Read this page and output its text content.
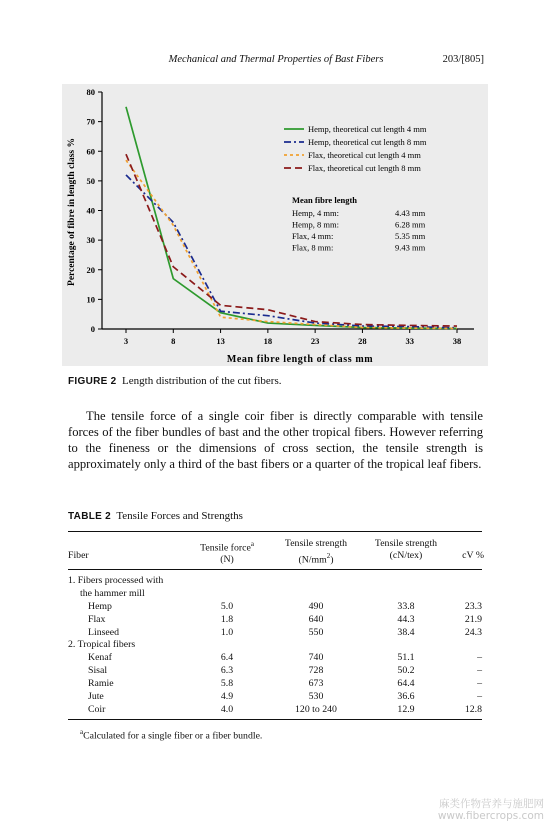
Mechanical and Thermal Properties of Bast Fibers	203/[805]
0
10
20
30
40
50
60
70
80
3	8	13	18	23	28	33	38
Mean fibre length of class mm
Percentage of fibre in length class %
Hemp, theoretical cut length 4 mm
Hemp, theoretical cut length 8 mm
Flax, theoretical cut length 4 mm
Flax, theoretical cut length 8 mm
Mean fibre length
Hemp, 4 mm:	4.43 mm
Hemp, 8 mm:	6.28 mm
Flax, 4 mm:	5.35 mm
Flax, 8 mm:	9.43 mm
FIGURE 2 Length distribution of the cut fibers.
The tensile force of a single coir fiber is directly comparable with tensile forces of the fiber bundles of bast and the other tropical fibers. However referring to the fineness or the dimensions of cross section, the tensile strength is approximately only a third of the bast fibers or a quarter of the tropical leaf fibers.
TABLE 2 Tensile Forces and Strengths
Fiber
Tensile force$^a$
(N)
Tensile strength
$(N/mm^2)$
Tensile strength
(cN/tex)	cV %
1. Fibers processed with
the hammer mill
2. Tropical fibers
Hemp	5.0	490	33.8	23.3
Flax	1.8	640	44.3	21.9
Linseed	1.0	550	38.4	24.3
Kenaf	6.4	740	51.1	–
Sisal	6.3	728	50.2	–
Ramie	5.8	673	64.4	–
Jute	4.9	530	36.6	–
Coir	4.0	120 to 240	12.9	12.8
$^a$Calculated for a single fiber or a fiber bundle.
麻类作物营养与施肥网
www.fibercrops.com
